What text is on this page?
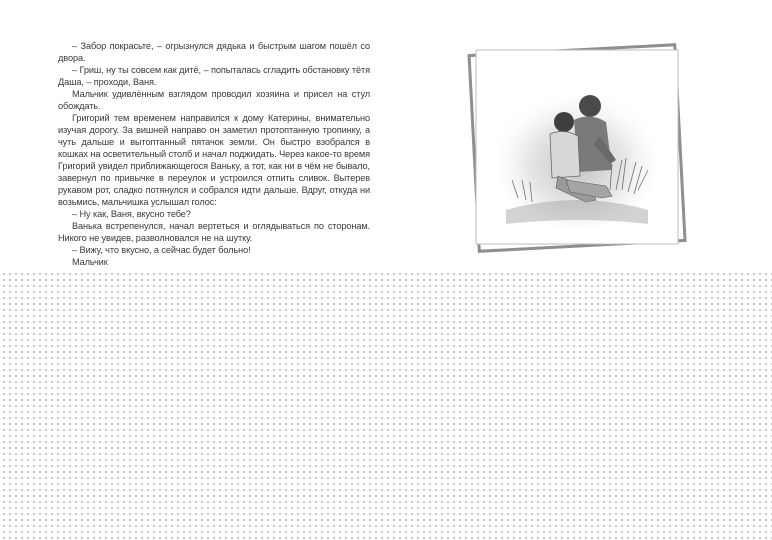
– Забор покрасьте, – огрызнулся дядька и быстрым шагом пошёл со двора.

– Гриш, ну ты совсем как дитё, – попыталась сгладить обстановку тётя Даша, – проходи, Ваня.

Мальчик удивлённым взглядом проводил хозяина и присел на стул обождать.

Григорий тем временем направился к дому Катерины, внимательно изучая дорогу. За вишней направо он заметил протоптанную тропинку, а чуть дальше и вытоптанный пятачок земли. Он быстро взобрался в кошках на осветительный столб и начал поджидать. Через какое-то время Григорий увидел приближающегося Ваньку, а тот, как ни в чём не бывало, завернул по привычке в переулок и устроился отпить сливок. Вытерев рукавом рот, сладко потянулся и собрался идти дальше. Вдруг, откуда ни возьмись, мальчишка услышал голос:

– Ну как, Ваня, вкусно тебе?

Ванька встрепенулся, начал вертеться и оглядываться по сторонам. Никого не увидев, разволновался не на шутку.

– Вижу, что вкусно, а сейчас будет больно!

Мальчик
